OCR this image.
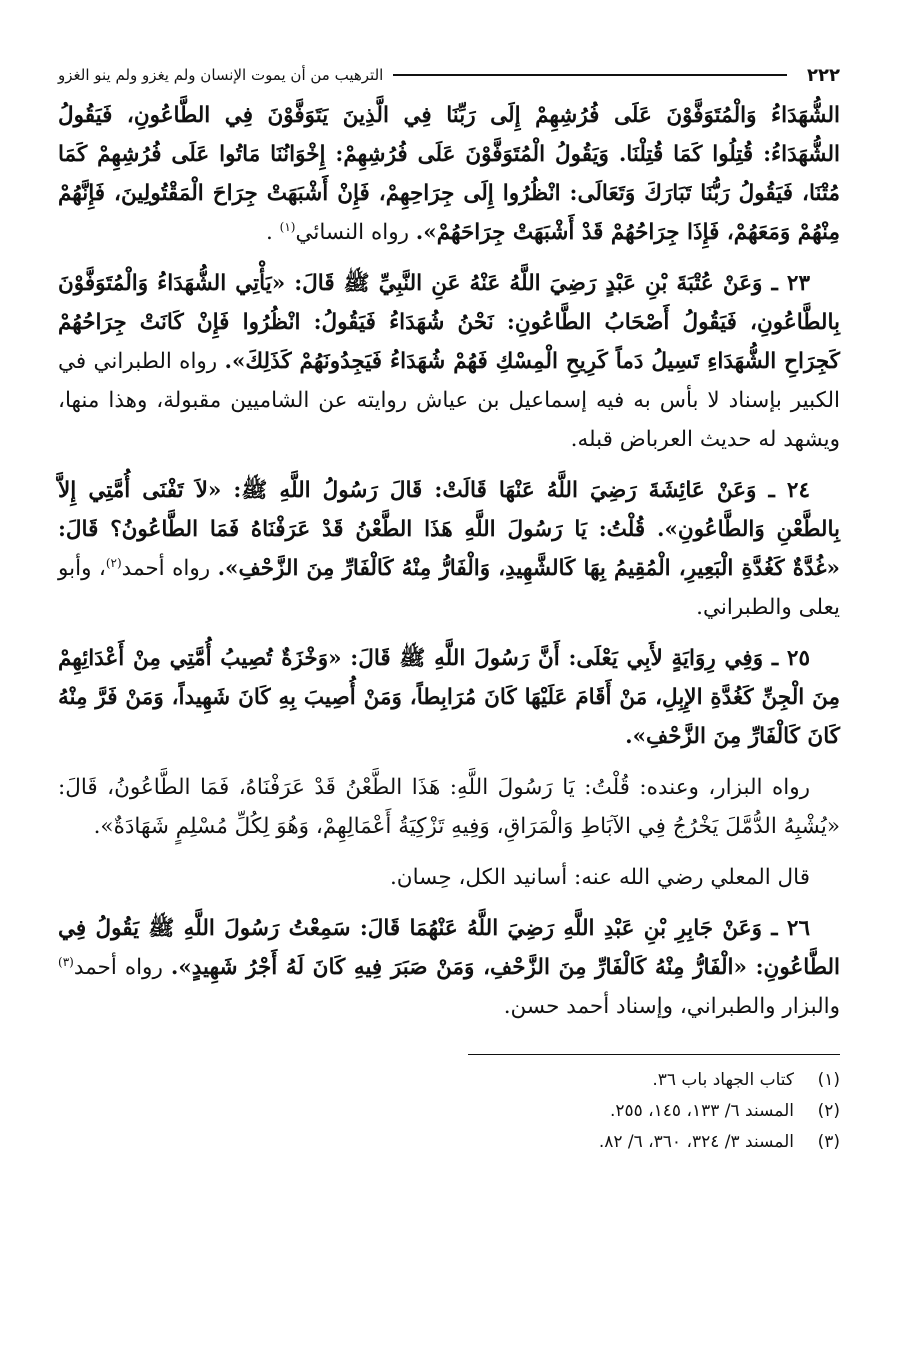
٢٢٢
الترهيب من أن يموت الإنسان ولم يغزو ولم ينو الغزو

الشُّهَدَاءُ وَالْمُتَوَفَّوْنَ عَلَى فُرُشِهِمْ إِلَى رَبِّنَا فِي الَّذِينَ يَتَوَفَّوْنَ فِي الطَّاعُونِ، فَيَقُولُ الشُّهَدَاءُ: قُتِلُوا كَمَا قُتِلْنَا. وَيَقُولُ الْمُتَوَفَّوْنَ عَلَى فُرُشِهِمْ: إِخْوَانُنَا مَاتُوا عَلَى فُرُشِهِمْ كَمَا مُتْنَا، فَيَقُولُ رَبُّنَا تَبَارَكَ وَتَعَالَى: انْظُرُوا إِلَى جِرَاحِهِمْ، فَإِنْ أَشْبَهَتْ جِرَاحَ الْمَقْتُولِينَ، فَإِنَّهُمْ مِنْهُمْ وَمَعَهُمْ، فَإِذَا جِرَاحُهُمْ قَدْ أَشْبَهَتْ جِرَاحَهُمْ». رواه النسائي$^{(١)}$ .

٢٣ ـ وَعَنْ عُتْبَةَ بْنِ عَبْدٍ رَضِيَ اللَّهُ عَنْهُ عَنِ النَّبِيِّ ﷺ قَالَ: «يَأْتِي الشُّهَدَاءُ وَالْمُتَوَفَّوْنَ بِالطَّاعُونِ، فَيَقُولُ أَصْحَابُ الطَّاعُونِ: نَحْنُ شُهَدَاءُ فَيَقُولُ: انْظُرُوا فَإِنْ كَانَتْ جِرَاحُهُمْ كَجِرَاحِ الشُّهَدَاءِ تَسِيلُ دَماً كَرِيحِ الْمِسْكِ فَهُمْ شُهَدَاءُ فَيَجِدُونَهُمْ كَذَلِكَ». رواه الطبراني في الكبير بإسناد لا بأس به فيه إسماعيل بن عياش روايته عن الشاميين مقبولة، وهذا منها، ويشهد له حديث العرباض قبله.

٢٤ ـ وَعَنْ عَائِشَةَ رَضِيَ اللَّهُ عَنْهَا قَالَتْ: قَالَ رَسُولُ اللَّهِ ﷺ: «لاَ تَفْنَى أُمَّتِي إِلاَّ بِالطَّعْنِ وَالطَّاعُونِ». قُلْتُ: يَا رَسُولَ اللَّهِ هَذَا الطَّعْنُ قَدْ عَرَفْنَاهُ فَمَا الطَّاعُونُ؟ قَالَ: «غُدَّةٌ كَغُدَّةِ الْبَعِيرِ، الْمُقِيمُ بِهَا كَالشَّهِيدِ، وَالْفَارُّ مِنْهُ كَالْفَارِّ مِنَ الزَّحْفِ». رواه أحمد$^{(٢)}$، وأبو يعلى والطبراني.

٢٥ ـ وَفِي رِوَايَةٍ لأَبِي يَعْلَى: أَنَّ رَسُولَ اللَّهِ ﷺ قَالَ: «وَخْزَةٌ تُصِيبُ أُمَّتِي مِنْ أَعْدَائِهِمْ مِنَ الْجِنِّ كَغُدَّةِ الإِبِلِ، مَنْ أَقَامَ عَلَيْهَا كَانَ مُرَابِطاً، وَمَنْ أُصِيبَ بِهِ كَانَ شَهِيداً، وَمَنْ فَرَّ مِنْهُ كَانَ كَالْفَارِّ مِنَ الزَّحْفِ».

رواه البزار، وعنده: قُلْتُ: يَا رَسُولَ اللَّهِ: هَذَا الطَّعْنُ قَدْ عَرَفْنَاهُ، فَمَا الطَّاعُونُ، قَالَ: «يُشْبِهُ الدُّمَّلَ يَخْرُجُ فِي الآبَاطِ وَالْمَرَاقِ، وَفِيهِ تَزْكِيَةُ أَعْمَالِهِمْ، وَهُوَ لِكُلِّ مُسْلِمٍ شَهَادَةٌ».

قال المعلي رضي الله عنه: أسانيد الكل، حِسان.

٢٦ ـ وَعَنْ جَابِرِ بْنِ عَبْدِ اللَّهِ رَضِيَ اللَّهُ عَنْهُمَا قَالَ: سَمِعْتُ رَسُولَ اللَّهِ ﷺ يَقُولُ فِي الطَّاعُونِ: «الْفَارُّ مِنْهُ كَالْفَارِّ مِنَ الزَّحْفِ، وَمَنْ صَبَرَ فِيهِ كَانَ لَهُ أَجْرُ شَهِيدٍ». رواه أحمد$^{(٣)}$ والبزار والطبراني، وإسناد أحمد حسن.

(١)
كتاب الجهاد باب ٣٦.
(٢)
المسند ٦/ ١٣٣، ١٤٥، ٢٥٥.
(٣)
المسند ٣/ ٣٢٤، ٣٦٠، ٦/ ٨٢.
